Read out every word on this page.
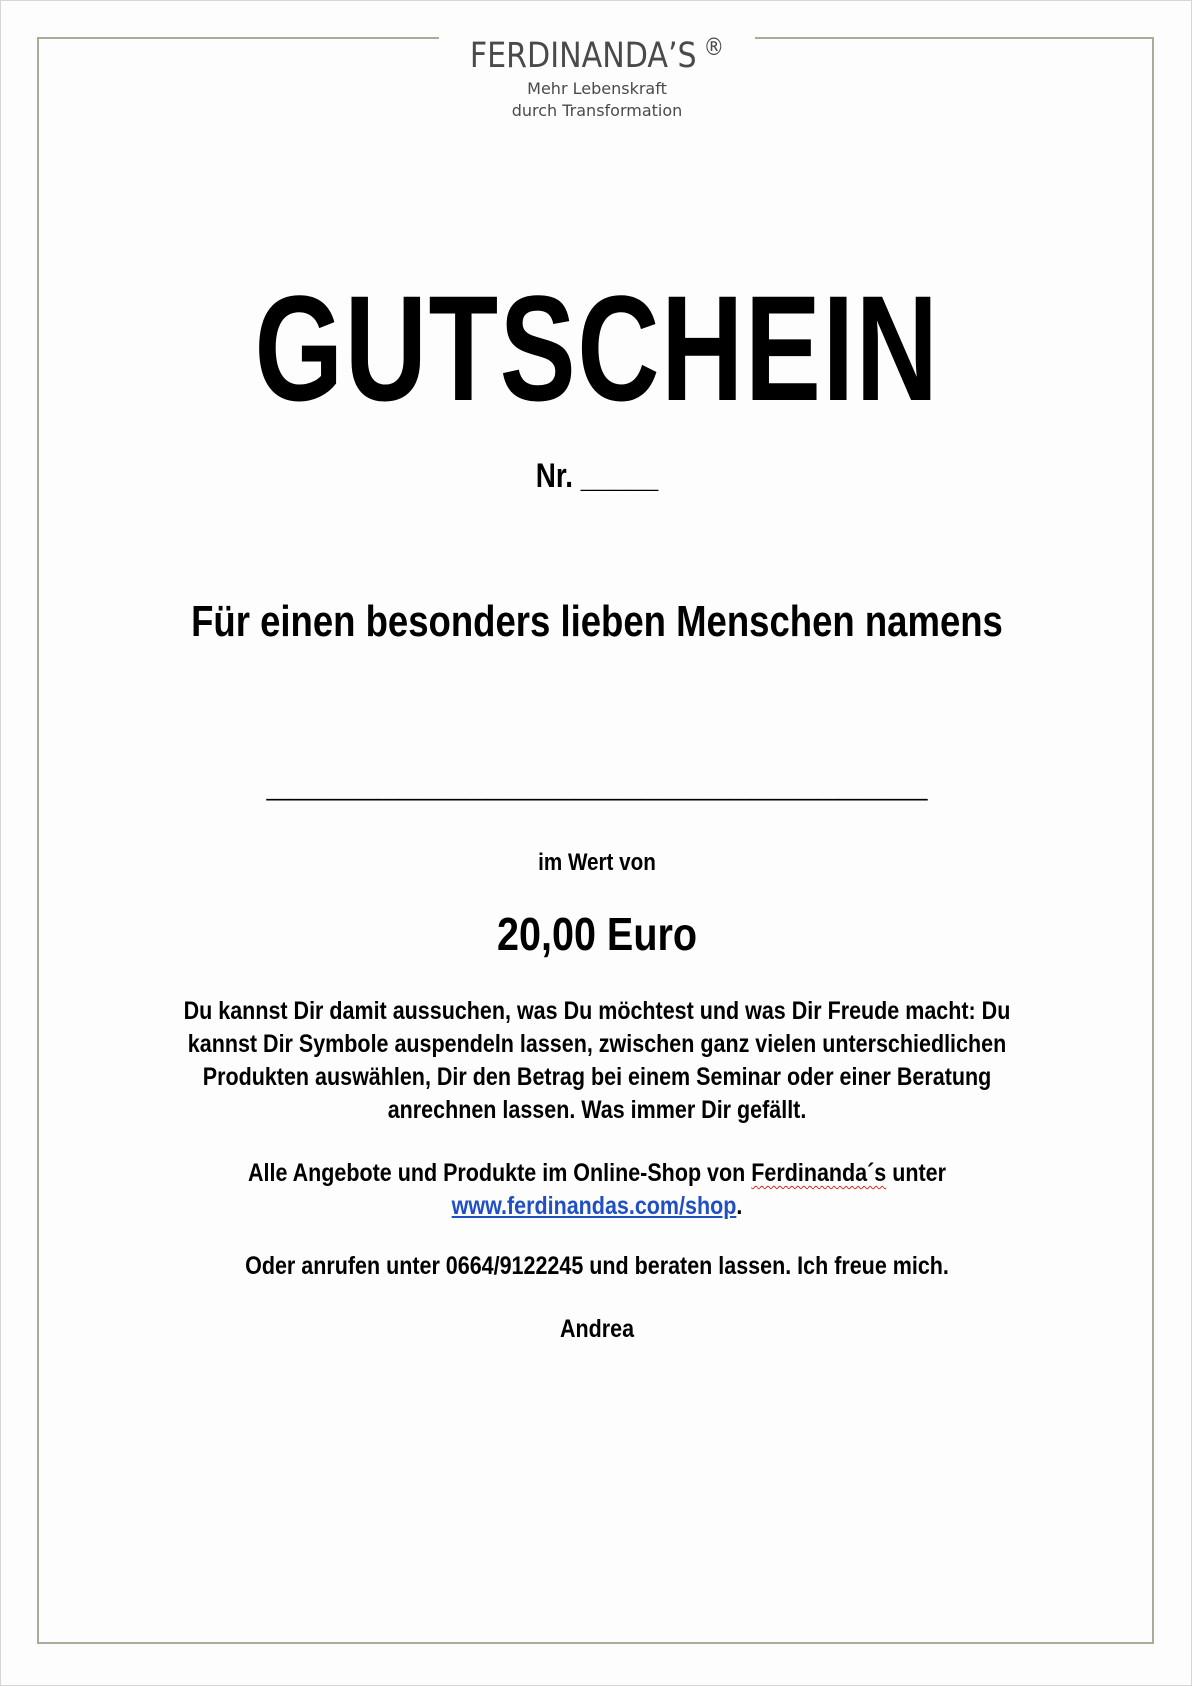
FERDINANDA’S ®
Mehr Lebenskraft
durch Transformation
GUTSCHEIN
Nr. _____
Für einen besonders lieben Menschen namens
______________________________
im Wert von
20,00 Euro
Du kannst Dir damit aussuchen, was Du möchtest und was Dir Freude macht: Du
kannst Dir Symbole auspendeln lassen, zwischen ganz vielen unterschiedlichen
Produkten auswählen, Dir den Betrag bei einem Seminar oder einer Beratung
anrechnen lassen. Was immer Dir gefällt.
Alle Angebote und Produkte im Online-Shop von Ferdinanda´s unter
www.ferdinandas.com/shop.
Oder anrufen unter 0664/9122245 und beraten lassen. Ich freue mich.
Andrea
